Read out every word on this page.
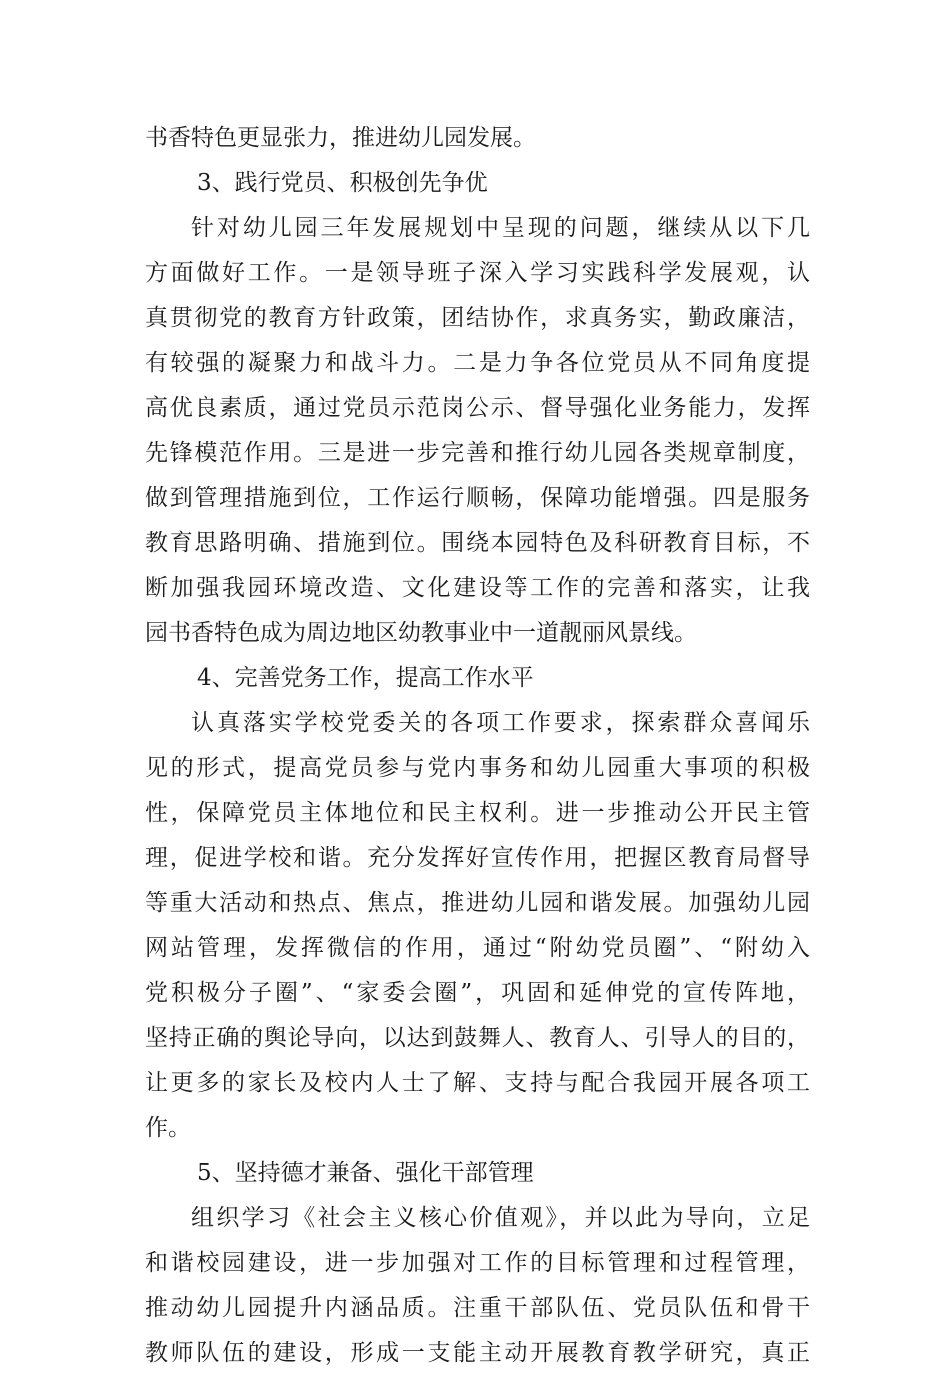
书香特色更显张力，推进幼儿园发展。
3、践行党员、积极创先争优
针对幼儿园三年发展规划中呈现的问题，继续从以下几
方面做好工作。一是领导班子深入学习实践科学发展观，认
真贯彻党的教育方针政策，团结协作，求真务实，勤政廉洁，
有较强的凝聚力和战斗力。二是力争各位党员从不同角度提
高优良素质，通过党员示范岗公示、督导强化业务能力，发挥
先锋模范作用。三是进一步完善和推行幼儿园各类规章制度，
做到管理措施到位，工作运行顺畅，保障功能增强。四是服务
教育思路明确、措施到位。围绕本园特色及科研教育目标，不
断加强我园环境改造、文化建设等工作的完善和落实，让我
园书香特色成为周边地区幼教事业中一道靓丽风景线。
4、完善党务工作，提高工作水平
认真落实学校党委关的各项工作要求，探索群众喜闻乐
见的形式，提高党员参与党内事务和幼儿园重大事项的积极
性，保障党员主体地位和民主权利。进一步推动公开民主管
理，促进学校和谐。充分发挥好宣传作用，把握区教育局督导
等重大活动和热点、焦点，推进幼儿园和谐发展。加强幼儿园
网站管理，发挥微信的作用，通过“附幼党员圈”、“附幼入
党积极分子圈”、“家委会圈”，巩固和延伸党的宣传阵地，
坚持正确的舆论导向，以达到鼓舞人、教育人、引导人的目的，
让更多的家长及校内人士了解、支持与配合我园开展各项工
作。
5、坚持德才兼备、强化干部管理
组织学习《社会主义核心价值观》，并以此为导向，立足
和谐校园建设，进一步加强对工作的目标管理和过程管理，
推动幼儿园提升内涵品质。注重干部队伍、党员队伍和骨干
教师队伍的建设，形成一支能主动开展教育教学研究，真正
